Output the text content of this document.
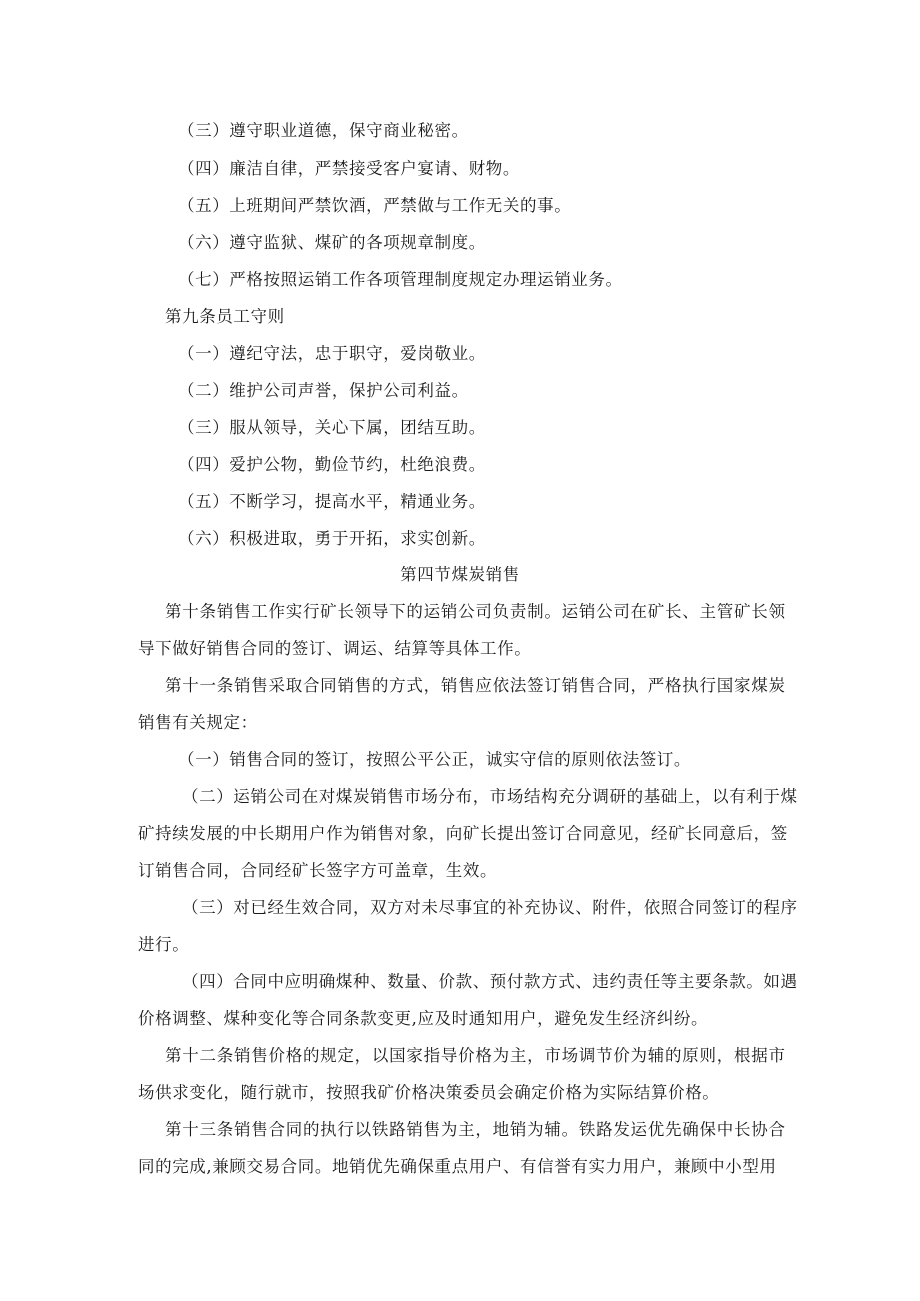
（三）遵守职业道德，保守商业秘密。
（四）廉洁自律，严禁接受客户宴请、财物。
（五）上班期间严禁饮酒，严禁做与工作无关的事。
（六）遵守监狱、煤矿的各项规章制度。
（七）严格按照运销工作各项管理制度规定办理运销业务。
第九条员工守则
（一）遵纪守法，忠于职守，爱岗敬业。
（二）维护公司声誉，保护公司利益。
（三）服从领导，关心下属，团结互助。
（四）爱护公物，勤俭节约，杜绝浪费。
（五）不断学习，提高水平，精通业务。
（六）积极进取，勇于开拓，求实创新。
第四节煤炭销售
第十条销售工作实行矿长领导下的运销公司负责制。运销公司在矿长、主管矿长领
导下做好销售合同的签订、调运、结算等具体工作。
第十一条销售采取合同销售的方式，销售应依法签订销售合同，严格执行国家煤炭
销售有关规定：
（一）销售合同的签订，按照公平公正，诚实守信的原则依法签订。
（二）运销公司在对煤炭销售市场分布，市场结构充分调研的基础上，以有利于煤
矿持续发展的中长期用户作为销售对象，向矿长提出签订合同意见，经矿长同意后，签
订销售合同，合同经矿长签字方可盖章，生效。
（三）对已经生效合同，双方对未尽事宜的补充协议、附件，依照合同签订的程序
进行。
（四）合同中应明确煤种、数量、价款、预付款方式、违约责任等主要条款。如遇
价格调整、煤种变化等合同条款变更,应及时通知用户，避免发生经济纠纷。
第十二条销售价格的规定，以国家指导价格为主，市场调节价为辅的原则，根据市
场供求变化，随行就市，按照我矿价格决策委员会确定价格为实际结算价格。
第十三条销售合同的执行以铁路销售为主，地销为辅。铁路发运优先确保中长协合
同的完成,兼顾交易合同。地销优先确保重点用户、有信誉有实力用户，兼顾中小型用
